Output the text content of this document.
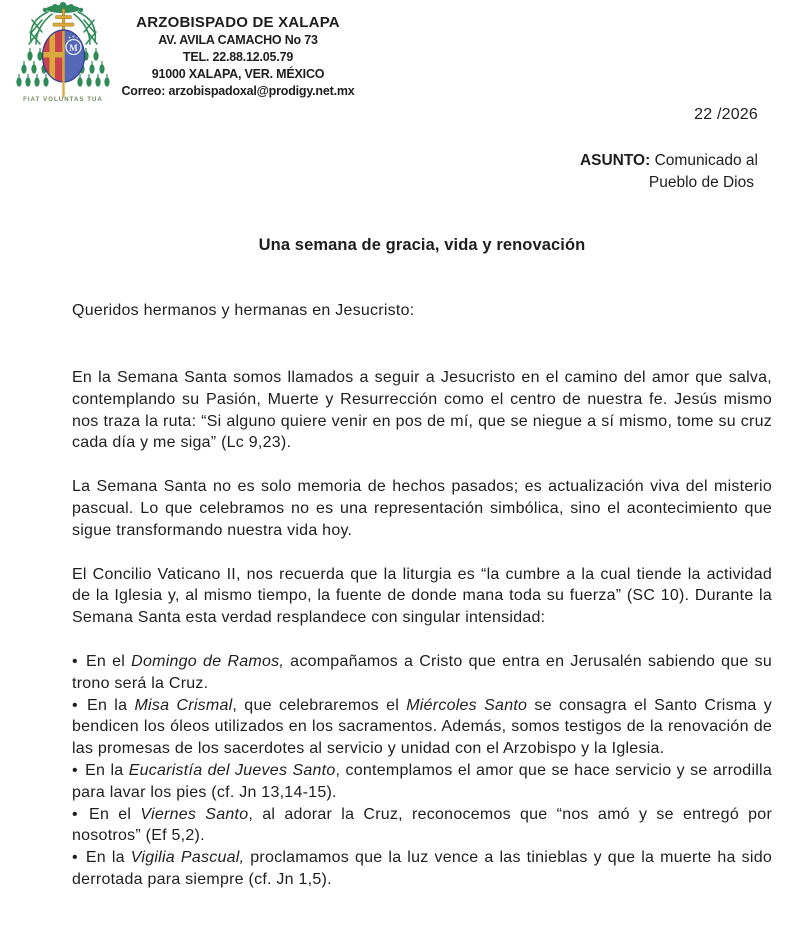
M
FIAT VOLUNTAS TUA
ARZOBISPADO DE XALAPA
AV. AVILA CAMACHO No 73
TEL. 22.88.12.05.79
91000 XALAPA, VER. MÉXICO
Correo: arzobispadoxal@prodigy.net.mx
22 /2026
ASUNTO: Comunicado al
Pueblo de Dios
Una semana de gracia, vida y renovación
Queridos hermanos y hermanas en Jesucristo:

En la Semana Santa somos llamados a seguir a Jesucristo en el camino del amor que salva, contemplando su Pasión, Muerte y Resurrección como el centro de nuestra fe. Jesús mismo nos traza la ruta: “Si alguno quiere venir en pos de mí, que se niegue a sí mismo, tome su cruz cada día y me siga” (Lc 9,23).

La Semana Santa no es solo memoria de hechos pasados; es actualización viva del misterio pascual. Lo que celebramos no es una representación simbólica, sino el acontecimiento que sigue transformando nuestra vida hoy.

El Concilio Vaticano II, nos recuerda que la liturgia es “la cumbre a la cual tiende la actividad de la Iglesia y, al mismo tiempo, la fuente de donde mana toda su fuerza” (SC 10). Durante la Semana Santa esta verdad resplandece con singular intensidad:

• En el Domingo de Ramos, acompañamos a Cristo que entra en Jerusalén sabiendo que su trono será la Cruz.

• En la Misa Crismal, que celebraremos el Miércoles Santo se consagra el Santo Crisma y bendicen los óleos utilizados en los sacramentos. Además, somos testigos de la renovación de las promesas de los sacerdotes al servicio y unidad con el Arzobispo y la Iglesia.

• En la Eucaristía del Jueves Santo, contemplamos el amor que se hace servicio y se arrodilla para lavar los pies (cf. Jn 13,14-15).

• En el Viernes Santo, al adorar la Cruz, reconocemos que “nos amó y se entregó por nosotros” (Ef 5,2).

• En la Vigilia Pascual, proclamamos que la luz vence a las tinieblas y que la muerte ha sido derrotada para siempre (cf. Jn 1,5).
